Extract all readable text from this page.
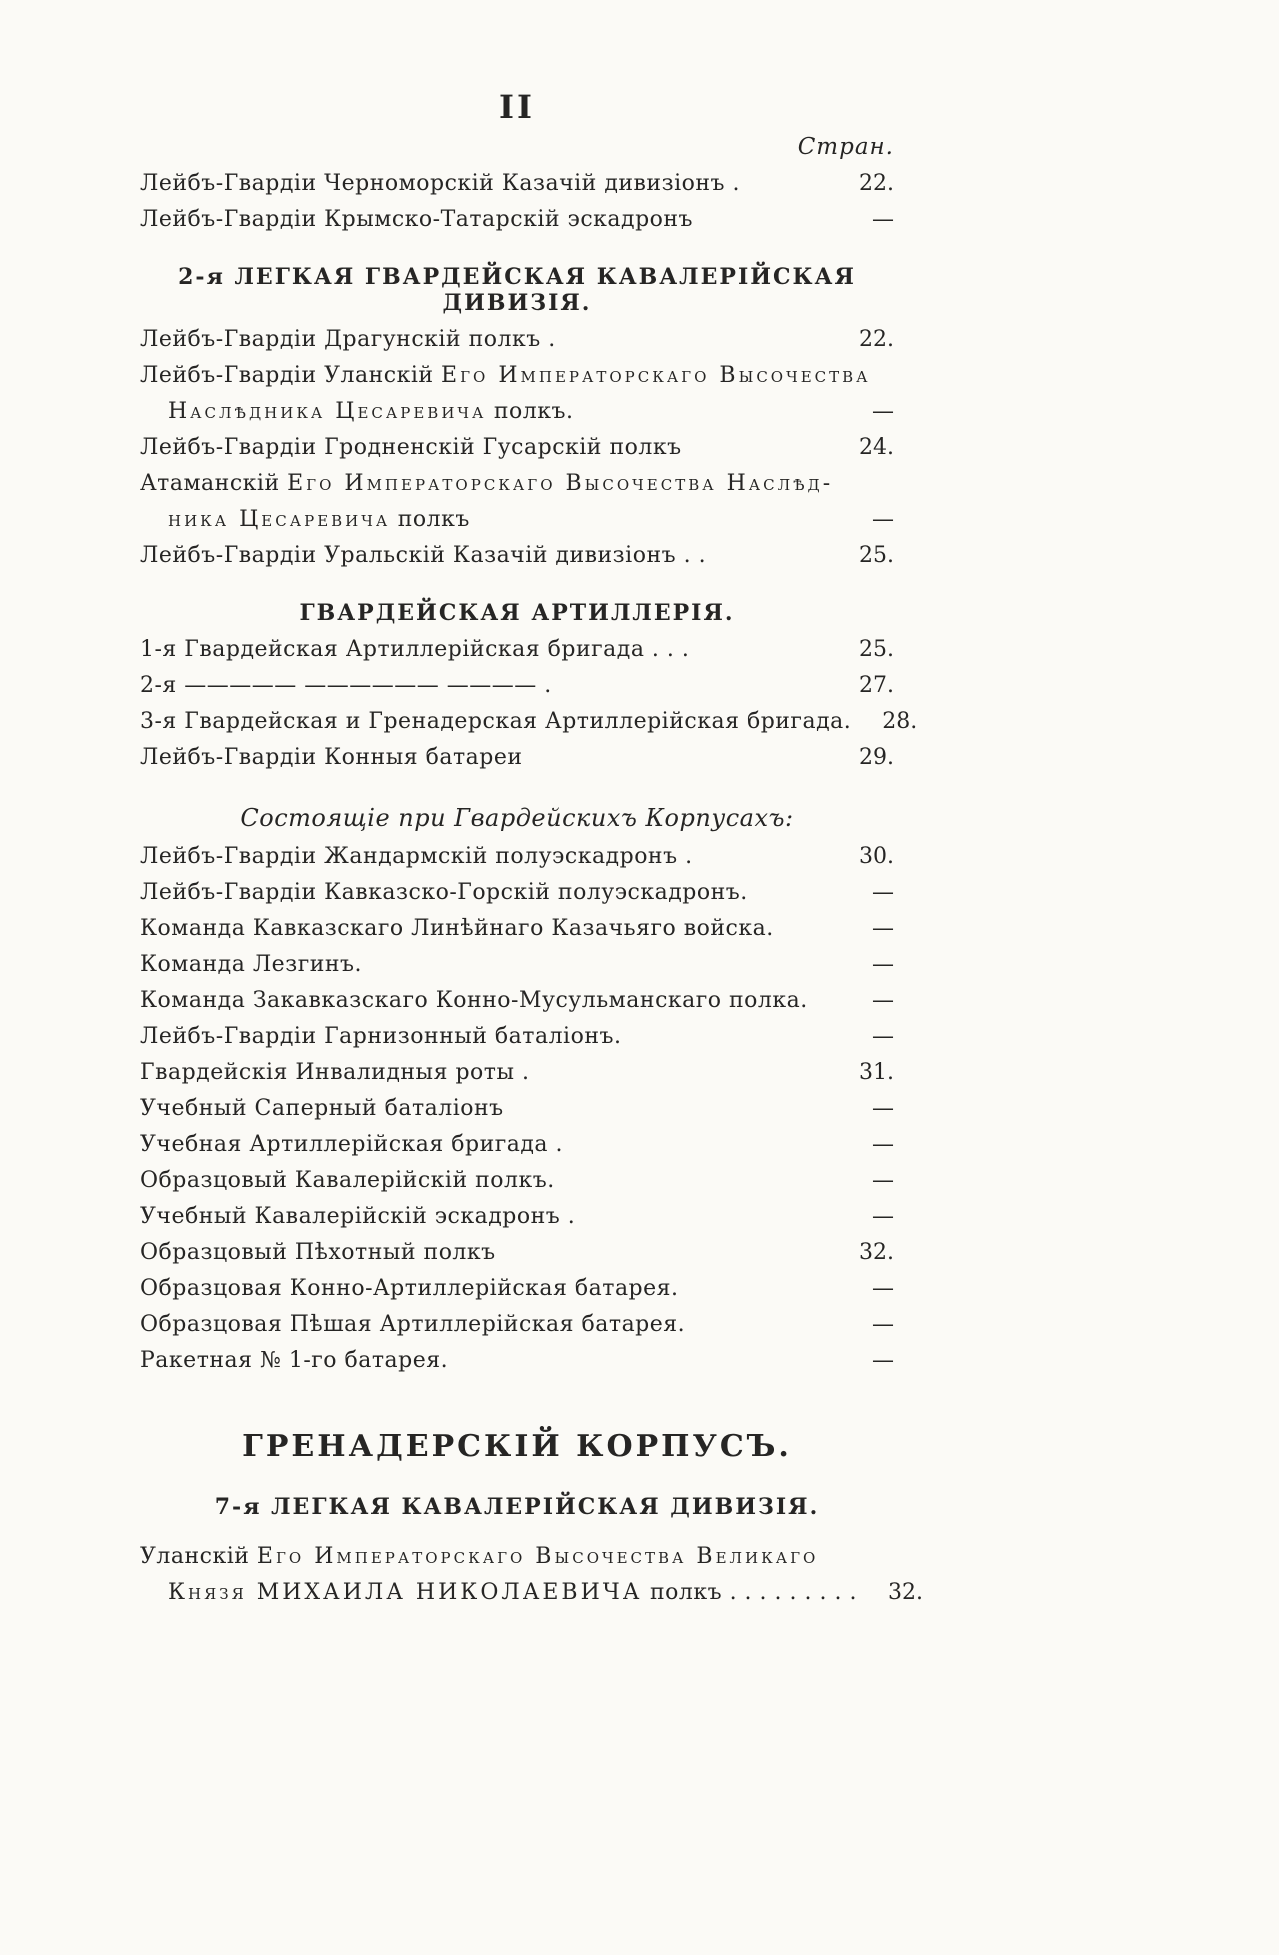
II
Стран.
Лейбъ-Гвардіи Черноморскій Казачій дивизіонъ .	22.
Лейбъ-Гвардіи Крымско-Татарскій эскадронъ	—
2-я ЛЕГКАЯ ГВАРДЕЙСКАЯ КАВАЛЕРІЙСКАЯ ДИВИЗІЯ.
Лейбъ-Гвардіи Драгунскій полкъ .	22.
Лейбъ-Гвардіи Уланскій Его Императорскаго Высочества
Наслѣдника Цесаревича полкъ.	—
Лейбъ-Гвардіи Гродненскій Гусарскій полкъ	24.
Атаманскій Его Императорскаго Высочества Наслѣд-
ника Цесаревича полкъ	—
Лейбъ-Гвардіи Уральскій Казачій дивизіонъ . .	25.
ГВАРДЕЙСКАЯ АРТИЛЛЕРІЯ.
1-я Гвардейская Артиллерійская бригада . . .	25.
2-я ————— —————— ———— .	27.
3-я Гвардейская и Гренадерская Артиллерійская бригада.	28.
Лейбъ-Гвардіи Конныя батареи	29.
Состоящіе при Гвардейскихъ Корпусахъ:
Лейбъ-Гвардіи Жандармскій полуэскадронъ .	30.
Лейбъ-Гвардіи Кавказско-Горскій полуэскадронъ.	—
Команда Кавказскаго Линѣйнаго Казачьяго войска.	—
Команда Лезгинъ.	—
Команда Закавказскаго Конно-Мусульманскаго полка.	—
Лейбъ-Гвардіи Гарнизонный баталіонъ.	—
Гвардейскія Инвалидныя роты .	31.
Учебный Саперный баталіонъ	—
Учебная Артиллерійская бригада .	—
Образцовый Кавалерійскій полкъ.	—
Учебный Кавалерійскій эскадронъ .	—
Образцовый Пѣхотный полкъ	32.
Образцовая Конно-Артиллерійская батарея.	—
Образцовая Пѣшая Артиллерійская батарея.	—
Ракетная № 1-го батарея.	—
ГРЕНАДЕРСКІЙ КОРПУСЪ.
7-я ЛЕГКАЯ КАВАЛЕРІЙСКАЯ ДИВИЗІЯ.
Уланскій Его Императорскаго Высочества Великаго
Князя МИХАИЛА НИКОЛАЕВИЧА полкъ . . . . . . . . .	32.
